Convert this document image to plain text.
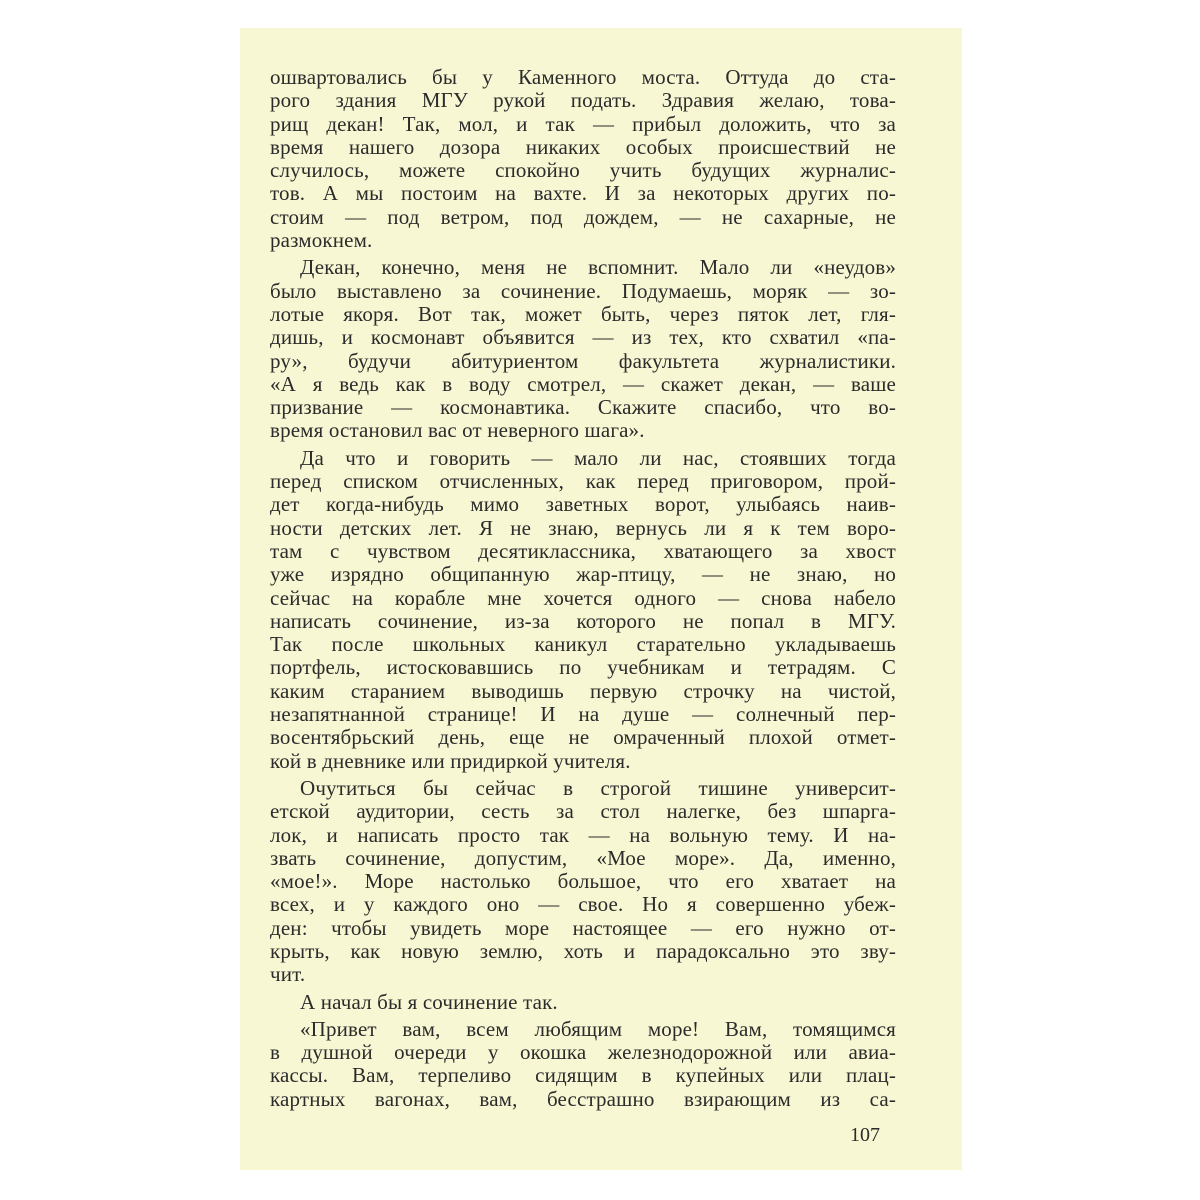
ошвартовались бы у Каменного моста. Оттуда до ста-
рого здания МГУ рукой подать. Здравия желаю, това-
рищ декан! Так, мол, и так — прибыл доложить, что за
время нашего дозора никаких особых происшествий не
случилось, можете спокойно учить будущих журналис-
тов. А мы постоим на вахте. И за некоторых других по-
стоим — под ветром, под дождем, — не сахарные, не
размокнем.
Декан, конечно, меня не вспомнит. Мало ли «неудов»
было выставлено за сочинение. Подумаешь, моряк — зо-
лотые якоря. Вот так, может быть, через пяток лет, гля-
дишь, и космонавт объявится — из тех, кто схватил «па-
ру», будучи абитуриентом факультета журналистики.
«А я ведь как в воду смотрел, — скажет декан, — ваше
призвание — космонавтика. Скажите спасибо, что во-
время остановил вас от неверного шага».
Да что и говорить — мало ли нас, стоявших тогда
перед списком отчисленных, как перед приговором, прой-
дет когда-нибудь мимо заветных ворот, улыбаясь наив-
ности детских лет. Я не знаю, вернусь ли я к тем воро-
там с чувством десятиклассника, хватающего за хвост
уже изрядно общипанную жар-птицу, — не знаю, но
сейчас на корабле мне хочется одного — снова набело
написать сочинение, из-за которого не попал в МГУ.
Так после школьных каникул старательно укладываешь
портфель, истосковавшись по учебникам и тетрадям. С
каким старанием выводишь первую строчку на чистой,
незапятнанной странице! И на душе — солнечный пер-
восентябрьский день, еще не омраченный плохой отмет-
кой в дневнике или придиркой учителя.
Очутиться бы сейчас в строгой тишине университ-
етской аудитории, сесть за стол налегке, без шпарга-
лок, и написать просто так — на вольную тему. И на-
звать сочинение, допустим, «Мое море». Да, именно,
«мое!». Море настолько большое, что его хватает на
всех, и у каждого оно — свое. Но я совершенно убеж-
ден: чтобы увидеть море настоящее — его нужно от-
крыть, как новую землю, хоть и парадоксально это зву-
чит.
А начал бы я сочинение так.
«Привет вам, всем любящим море! Вам, томящимся
в душной очереди у окошка железнодорожной или авиа-
кассы. Вам, терпеливо сидящим в купейных или плац-
картных вагонах, вам, бесстрашно взирающим из са-
107
